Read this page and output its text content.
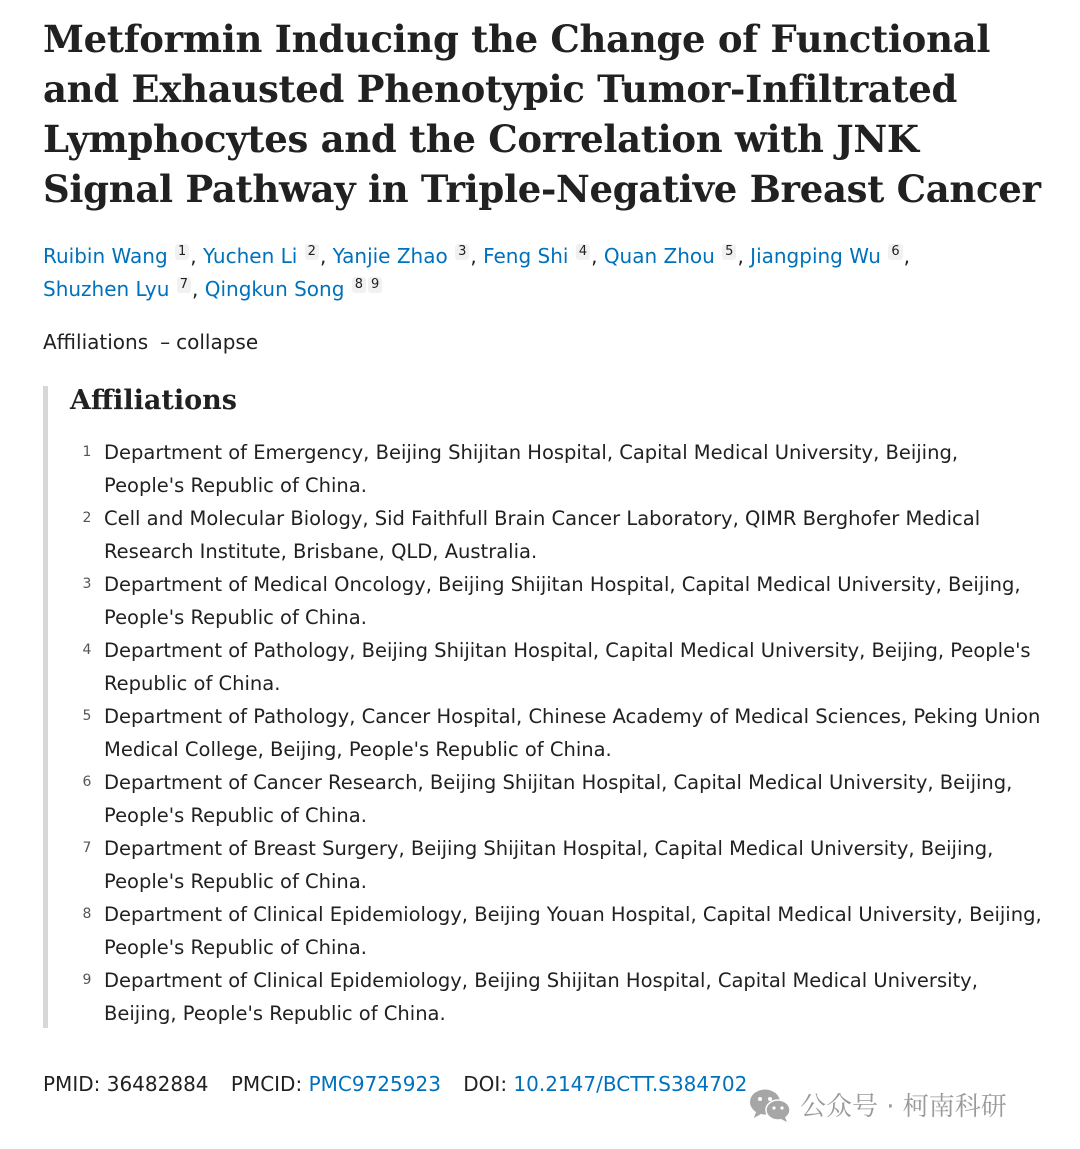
Metformin Inducing the Change of Functional and Exhausted Phenotypic Tumor-Infiltrated Lymphocytes and the Correlation with JNK Signal Pathway in Triple-Negative Breast Cancer
Ruibin Wang 1 , Yuchen Li 2 , Yanjie Zhao 3 , Feng Shi 4 , Quan Zhou 5 , Jiangping Wu 6 ,
Shuzhen Lyu 7 , Qingkun Song 8 9
Affiliations – collapse
Affiliations
1 Department of Emergency, Beijing Shijitan Hospital, Capital Medical University, Beijing, People's Republic of China.
2 Cell and Molecular Biology, Sid Faithfull Brain Cancer Laboratory, QIMR Berghofer Medical Research Institute, Brisbane, QLD, Australia.
3 Department of Medical Oncology, Beijing Shijitan Hospital, Capital Medical University, Beijing, People's Republic of China.
4 Department of Pathology, Beijing Shijitan Hospital, Capital Medical University, Beijing, People's Republic of China.
5 Department of Pathology, Cancer Hospital, Chinese Academy of Medical Sciences, Peking Union Medical College, Beijing, People's Republic of China.
6 Department of Cancer Research, Beijing Shijitan Hospital, Capital Medical University, Beijing, People's Republic of China.
7 Department of Breast Surgery, Beijing Shijitan Hospital, Capital Medical University, Beijing, People's Republic of China.
8 Department of Clinical Epidemiology, Beijing Youan Hospital, Capital Medical University, Beijing, People's Republic of China.
9 Department of Clinical Epidemiology, Beijing Shijitan Hospital, Capital Medical University, Beijing, People's Republic of China.
PMID: 36482884 PMCID: PMC9725923 DOI: 10.2147/BCTT.S384702
公众号 · 柯南科研
